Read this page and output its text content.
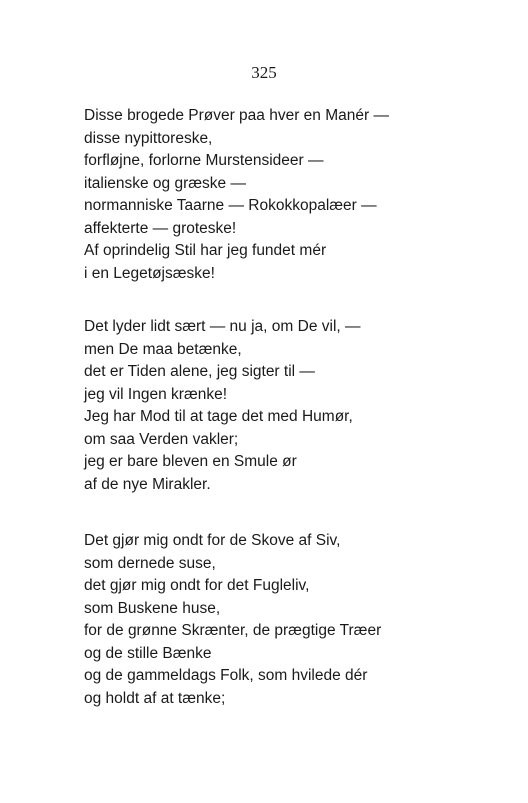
325
Disse brogede Prøver paa hver en Manér —
disse nypittoreske,
forfløjne, forlorne Murstensideer —
italienske og græske —
normanniske Taarne — Rokokkopalæer —
affekterte — groteske!
Af oprindelig Stil har jeg fundet mér
i en Legetøjsæske!
Det lyder lidt sært — nu ja, om De vil, —
men De maa betænke,
det er Tiden alene, jeg sigter til —
jeg vil Ingen krænke!
Jeg har Mod til at tage det med Humør,
om saa Verden vakler;
jeg er bare bleven en Smule ør
af de nye Mirakler.
Det gjør mig ondt for de Skove af Siv,
som dernede suse,
det gjør mig ondt for det Fugleliv,
som Buskene huse,
for de grønne Skrænter, de prægtige Træer
og de stille Bænke
og de gammeldags Folk, som hvilede dér
og holdt af at tænke;
